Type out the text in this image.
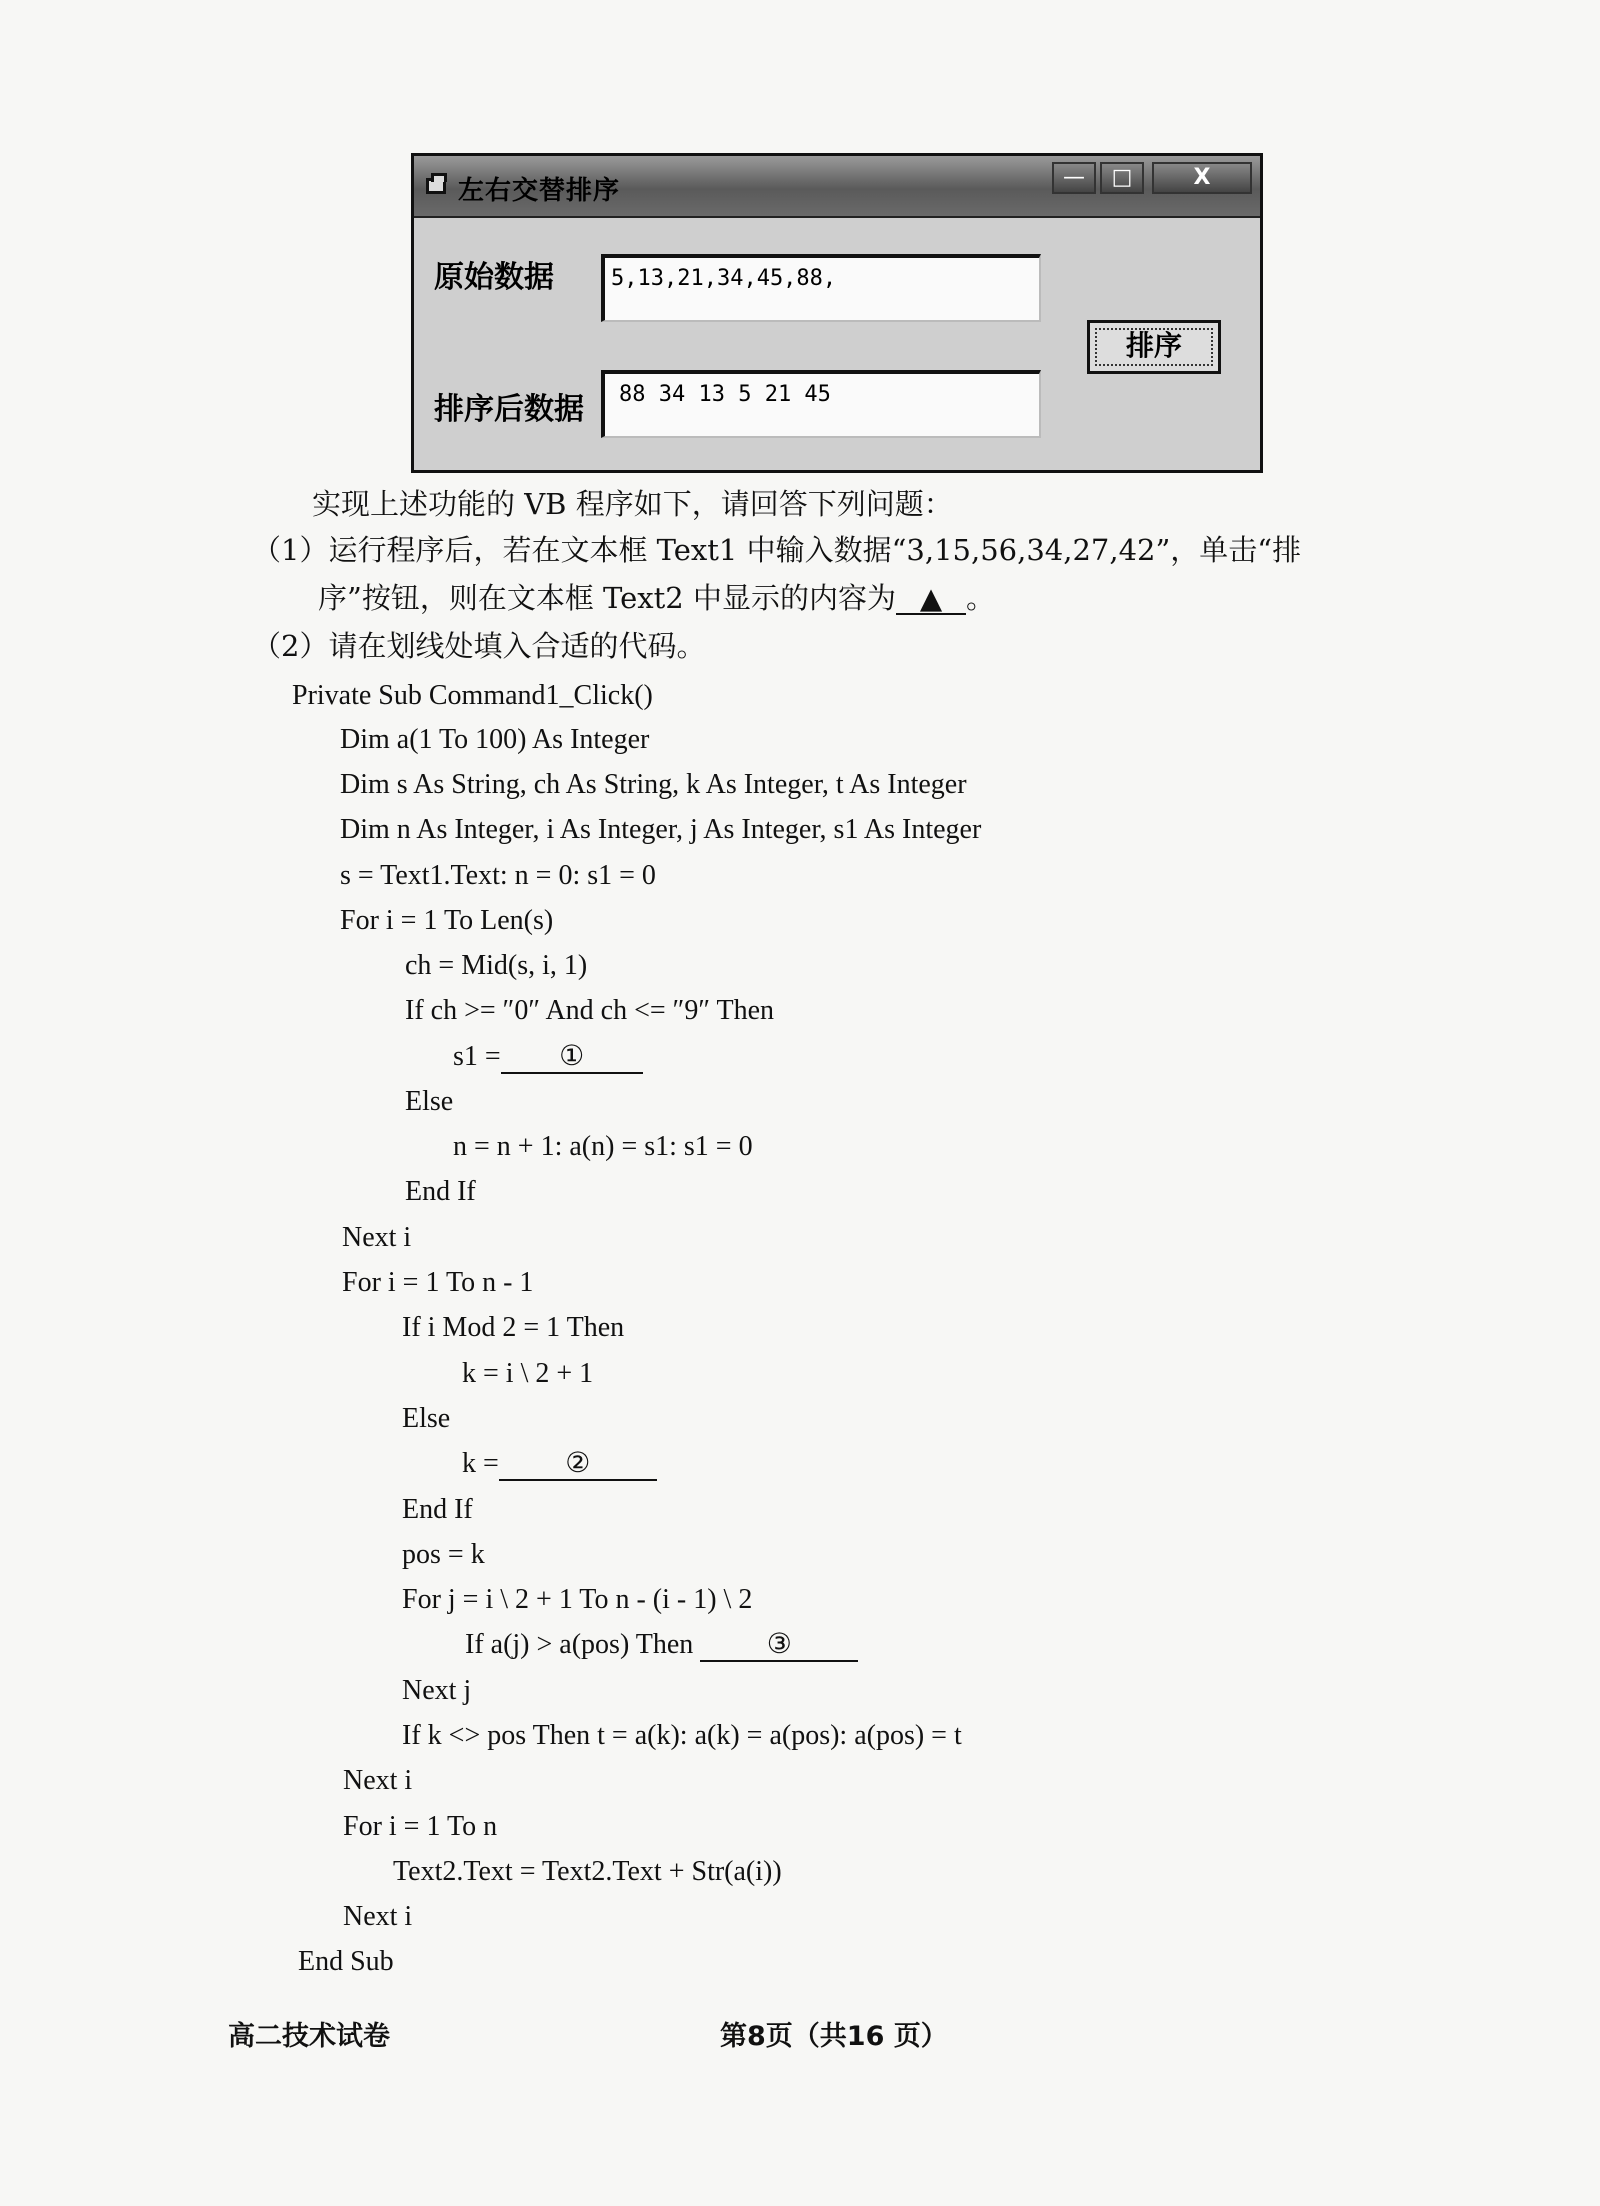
左右交替排序	—	□	X
原始数据	5,13,21,34,45,88,
排序
排序后数据	88 34 13 5 21 45
实现上述功能的 VB 程序如下，请回答下列问题：
（1）运行程序后，若在文本框 Text1 中输入数据“3,15,56,34,27,42”，单击“排
序”按钮，则在文本框 Text2 中显示的内容为 ▲ 。
（2）请在划线处填入合适的代码。
Private Sub Command1_Click()
Dim a(1 To 100) As Integer
Dim s As String, ch As String, k As Integer, t As Integer
Dim n As Integer, i As Integer, j As Integer, s1 As Integer
s = Text1.Text: n = 0: s1 = 0
For i = 1 To Len(s)
ch = Mid(s, i, 1)
If ch >= ″0″ And ch <= ″9″ Then
s1 = ①
Else
n = n + 1: a(n) = s1: s1 = 0
End If
Next i
For i = 1 To n - 1
If i Mod 2 = 1 Then
k = i \ 2 + 1
Else
k = ②
End If
pos = k
For j = i \ 2 + 1 To n - (i - 1) \ 2
If a(j) > a(pos) Then ③
Next j
If k <> pos Then t = a(k): a(k) = a(pos): a(pos) = t
Next i
For i = 1 To n
Text2.Text = Text2.Text + Str(a(i))
Next i
End Sub
高二技术试卷	第8页（共16 页）
